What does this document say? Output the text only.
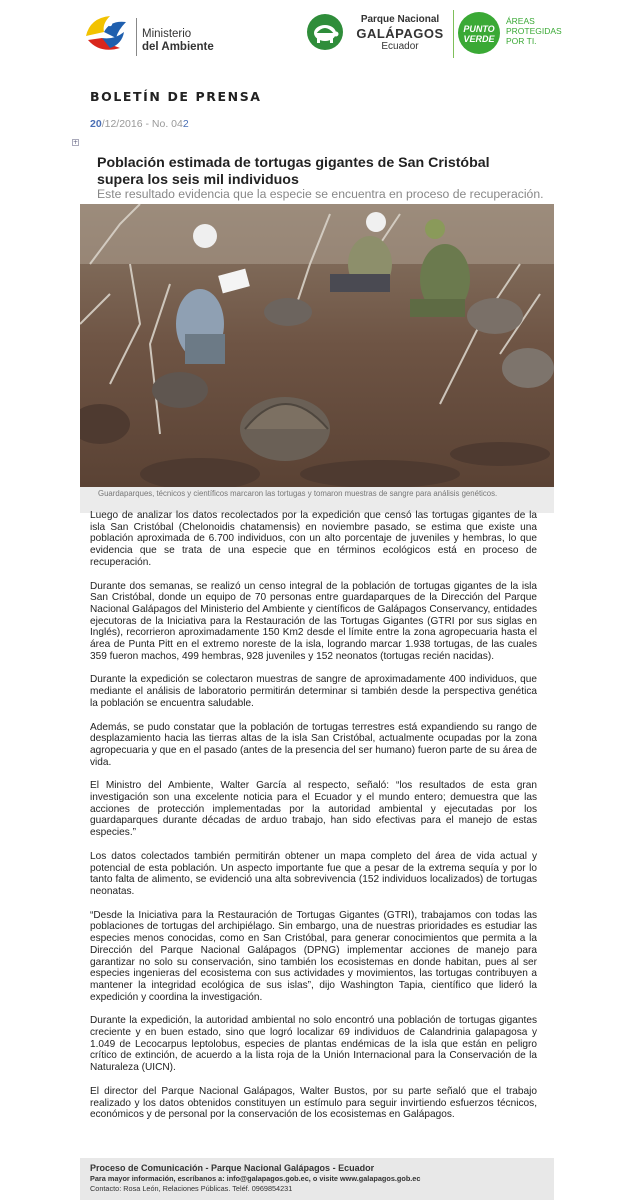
Ministerio
del Ambiente
Parque Nacional
GALÁPAGOS
Ecuador
PUNTO
VERDE
ÁREAS
PROTEGIDAS
POR TI.
BOLETÍN DE PRENSA
20/12/2016 - No. 042
+
Población estimada de tortugas gigantes de San Cristóbal supera los seis mil individuos
Este resultado evidencia que la especie se encuentra en proceso de recuperación.
Guardaparques, técnicos y científicos marcaron las tortugas y tomaron muestras de sangre para análisis genéticos.

Luego de analizar los datos recolectados por la expedición que censó las tortugas gigantes de la isla San Cristóbal (Chelonoidis chatamensis) en noviembre pasado, se estima que existe una población aproximada de 6.700 individuos, con un alto porcentaje de juveniles y hembras, lo que evidencia que se trata de una especie que en términos ecológicos está en proceso de recuperación.

Durante dos semanas, se realizó un censo integral de la población de tortugas gigantes de la isla San Cristóbal, donde un equipo de 70 personas entre guardaparques de la Dirección del Parque Nacional Galápagos del Ministerio del Ambiente y científicos de Galápagos Conservancy, entidades ejecutoras de la Iniciativa para la Restauración de las Tortugas Gigantes (GTRI por sus siglas en Inglés), recorrieron aproximadamente 150 Km2 desde el límite entre la zona agropecuaria hasta el área de Punta Pitt en el extremo noreste de la isla, logrando marcar 1.938 tortugas, de las cuales 359 fueron machos, 499 hembras, 928 juveniles y 152 neonatos (tortugas recién nacidas).

Durante la expedición se colectaron muestras de sangre de aproximadamente 400 individuos, que mediante el análisis de laboratorio permitirán determinar si también desde la perspectiva genética la población se encuentra saludable.

Además, se pudo constatar que la población de tortugas terrestres está expandiendo su rango de desplazamiento hacia las tierras altas de la isla San Cristóbal, actualmente ocupadas por la zona agropecuaria y que en el pasado (antes de la presencia del ser humano) fueron parte de su área de vida.

El Ministro del Ambiente, Walter García al respecto, señaló: “los resultados de esta gran investigación son una excelente noticia para el Ecuador y el mundo entero; demuestra que las acciones de protección implementadas por la autoridad ambiental y ejecutadas por los guardaparques durante décadas de arduo trabajo, han sido efectivas para el manejo de estas especies.”

Los datos colectados también permitirán obtener un mapa completo del área de vida actual y potencial de esta población. Un aspecto importante fue que a pesar de la extrema sequía y por lo tanto falta de alimento, se evidenció una alta sobrevivencia (152 individuos localizados) de tortugas neonatas.

“Desde la Iniciativa para la Restauración de Tortugas Gigantes (GTRI), trabajamos con todas las poblaciones de tortugas del archipiélago. Sin embargo, una de nuestras prioridades es estudiar las especies menos conocidas, como en San Cristóbal, para generar conocimientos que permita a la Dirección del Parque Nacional Galápagos (DPNG) implementar acciones de manejo para garantizar no solo su conservación, sino también los ecosistemas en donde habitan, pues al ser especies ingenieras del ecosistema con sus actividades y movimientos, las tortugas contribuyen a mantener la integridad ecológica de sus islas”, dijo Washington Tapia, científico que lideró la expedición y coordina la investigación.

Durante la expedición, la autoridad ambiental no solo encontró una población de tortugas gigantes creciente y en buen estado, sino que logró localizar 69 individuos de Calandrinia galapagosa y 1.049 de Lecocarpus leptolobus, especies de plantas endémicas de la isla que están en peligro crítico de extinción, de acuerdo a la lista roja de la Unión Internacional para la Conservación de la Naturaleza (UICN).

El director del Parque Nacional Galápagos, Walter Bustos, por su parte señaló que el trabajo realizado y los datos obtenidos constituyen un estímulo para seguir invirtiendo esfuerzos técnicos, económicos y de personal por la conservación de los ecosistemas en Galápagos.

Proceso de Comunicación - Parque Nacional Galápagos - Ecuador
Para mayor información, escríbanos a: info@galapagos.gob.ec, o visite www.galapagos.gob.ec
Contacto: Rosa León, Relaciones Públicas. Teléf. 0969854231
